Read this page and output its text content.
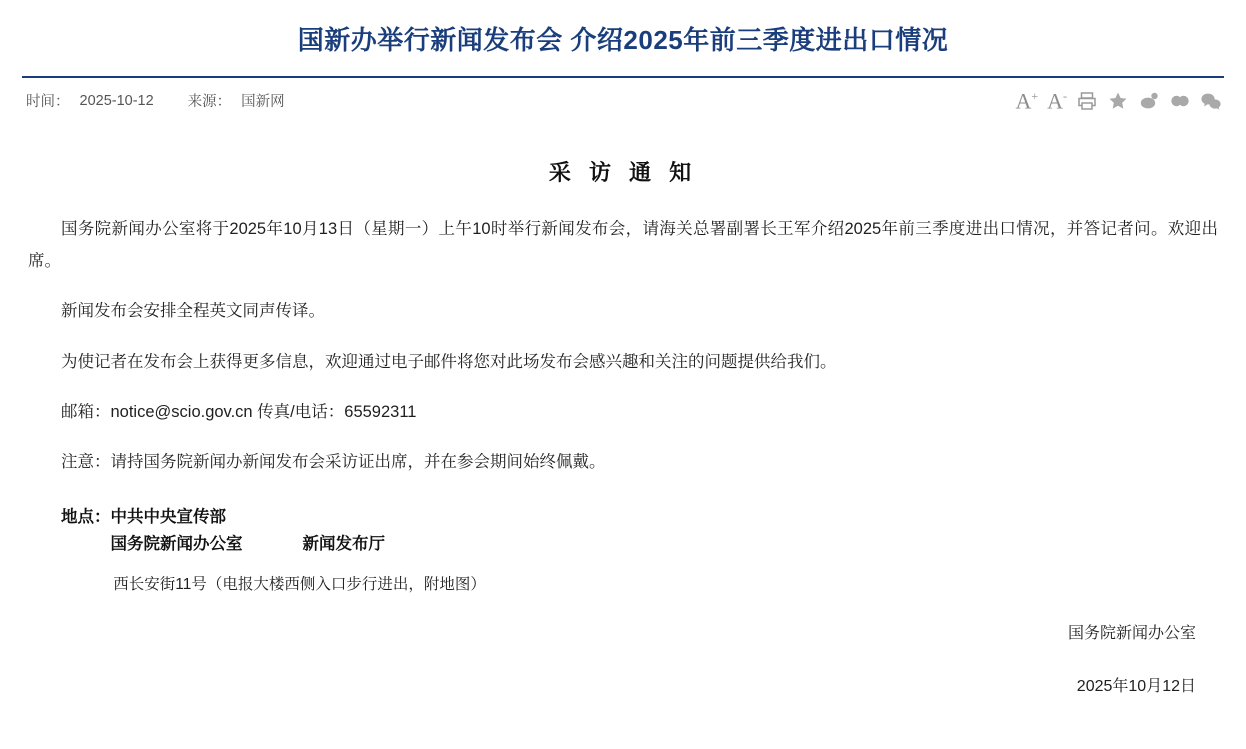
国新办举行新闻发布会 介绍2025年前三季度进出口情况
时间： 2025-10-12 来源： 国新网	A+ A-
采 访 通 知

国务院新闻办公室将于2025年10月13日（星期一）上午10时举行新闻发布会，请海关总署副署长王军介绍2025年前三季度进出口情况，并答记者问。欢迎出席。

新闻发布会安排全程英文同声传译。

为使记者在发布会上获得更多信息，欢迎通过电子邮件将您对此场发布会感兴趣和关注的问题提供给我们。

邮箱：notice@scio.gov.cn 传真/电话：65592311

注意：请持国务院新闻办新闻发布会采访证出席，并在参会期间始终佩戴。

地点： 中共中央宣传部
国务院新闻办公室	新闻发布厅
西长安街11号（电报大楼西侧入口步行进出，附地图）
国务院新闻办公室
2025年10月12日
